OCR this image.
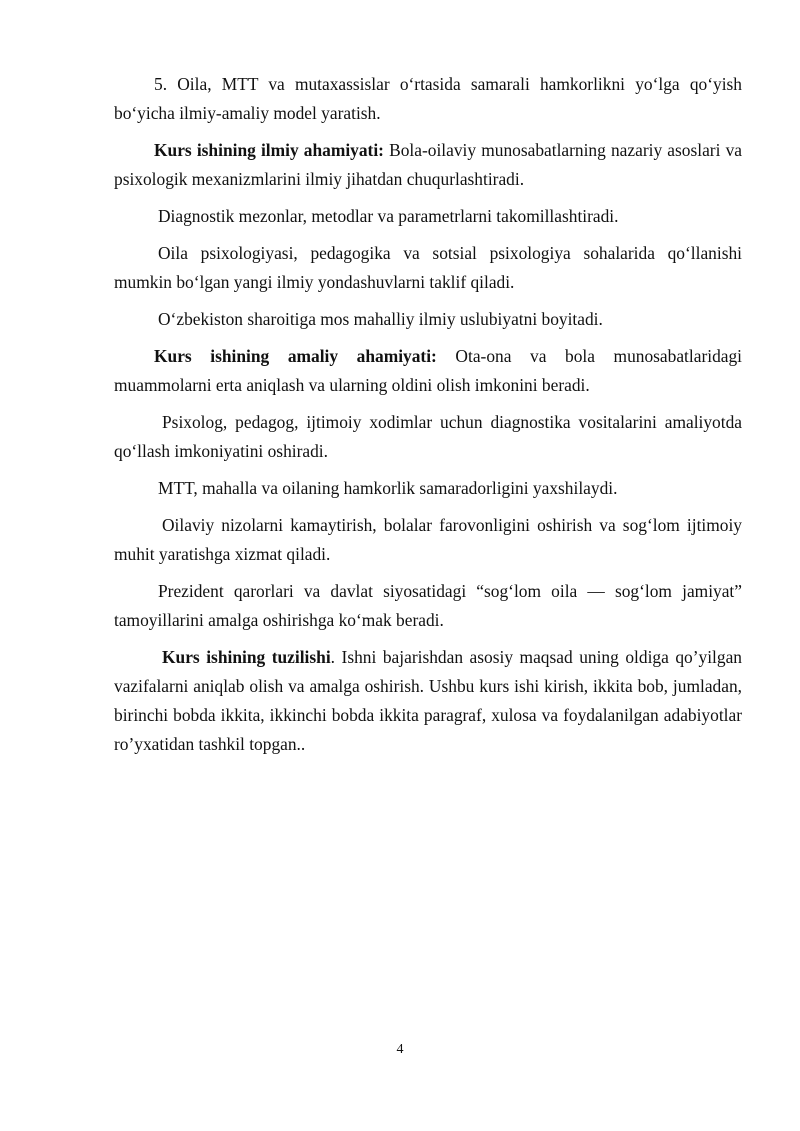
5. Oila, MTT va mutaxassislar oʻrtasida samarali hamkorlikni yoʻlga qoʻyish boʻyicha ilmiy-amaliy model yaratish.

Kurs ishining ilmiy ahamiyati: Bola-oilaviy munosabatlarning nazariy asoslari va psixologik mexanizmlarini ilmiy jihatdan chuqurlashtiradi.

Diagnostik mezonlar, metodlar va parametrlarni takomillashtiradi.

Oila psixologiyasi, pedagogika va sotsial psixologiya sohalarida qoʻllanishi mumkin boʻlgan yangi ilmiy yondashuvlarni taklif qiladi.

Oʻzbekiston sharoitiga mos mahalliy ilmiy uslubiyatni boyitadi.

Kurs ishining amaliy ahamiyati: Ota-ona va bola munosabatlaridagi muammolarni erta aniqlash va ularning oldini olish imkonini beradi.

Psixolog, pedagog, ijtimoiy xodimlar uchun diagnostika vositalarini amaliyotda qoʻllash imkoniyatini oshiradi.

MTT, mahalla va oilaning hamkorlik samaradorligini yaxshilaydi.

Oilaviy nizolarni kamaytirish, bolalar farovonligini oshirish va sogʻlom ijtimoiy muhit yaratishga xizmat qiladi.

Prezident qarorlari va davlat siyosatidagi “sogʻlom oila — sogʻlom jamiyat” tamoyillarini amalga oshirishga koʻmak beradi.

Kurs ishining tuzilishi. Ishni bajarishdan asosiy maqsad uning oldiga qo’yilgan vazifalarni aniqlab olish va amalga oshirish. Ushbu kurs ishi kirish, ikkita bob, jumladan, birinchi bobda ikkita, ikkinchi bobda ikkita paragraf, xulosa va foydalanilgan adabiyotlar ro’yxatidan tashkil topgan..

4
